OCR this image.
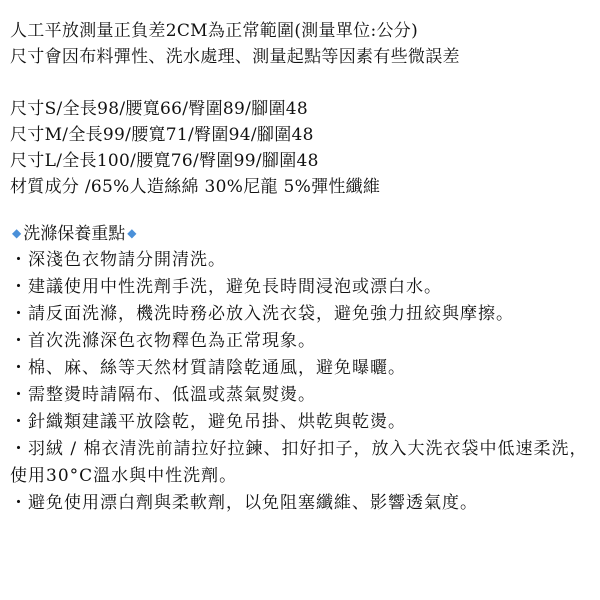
人工平放測量正負差2CM為正常範圍(測量單位:公分)
尺寸會因布料彈性、洗水處理、測量起點等因素有些微誤差
尺寸S/全長98/腰寬66/臀圍89/腳圍48
尺寸M/全長99/腰寬71/臀圍94/腳圍48
尺寸L/全長100/腰寬76/臀圍99/腳圍48
材質成分 /65%人造絲綿 30%尼龍 5%彈性纖維
◆ 洗滌保養重點 ◆
・深淺色衣物請分開清洗。
・建議使用中性洗劑手洗，避免長時間浸泡或漂白水。
・請反面洗滌，機洗時務必放入洗衣袋，避免強力扭絞與摩擦。
・首次洗滌深色衣物釋色為正常現象。
・棉、麻、絲等天然材質請陰乾通風，避免曝曬。
・需整燙時請隔布、低溫或蒸氣熨燙。
・針織類建議平放陰乾，避免吊掛、烘乾與乾燙。
・羽絨 / 棉衣清洗前請拉好拉鍊、扣好扣子，放入大洗衣袋中低速柔洗，使用30°C溫水與中性洗劑。
・避免使用漂白劑與柔軟劑，以免阻塞纖維、影響透氣度。
